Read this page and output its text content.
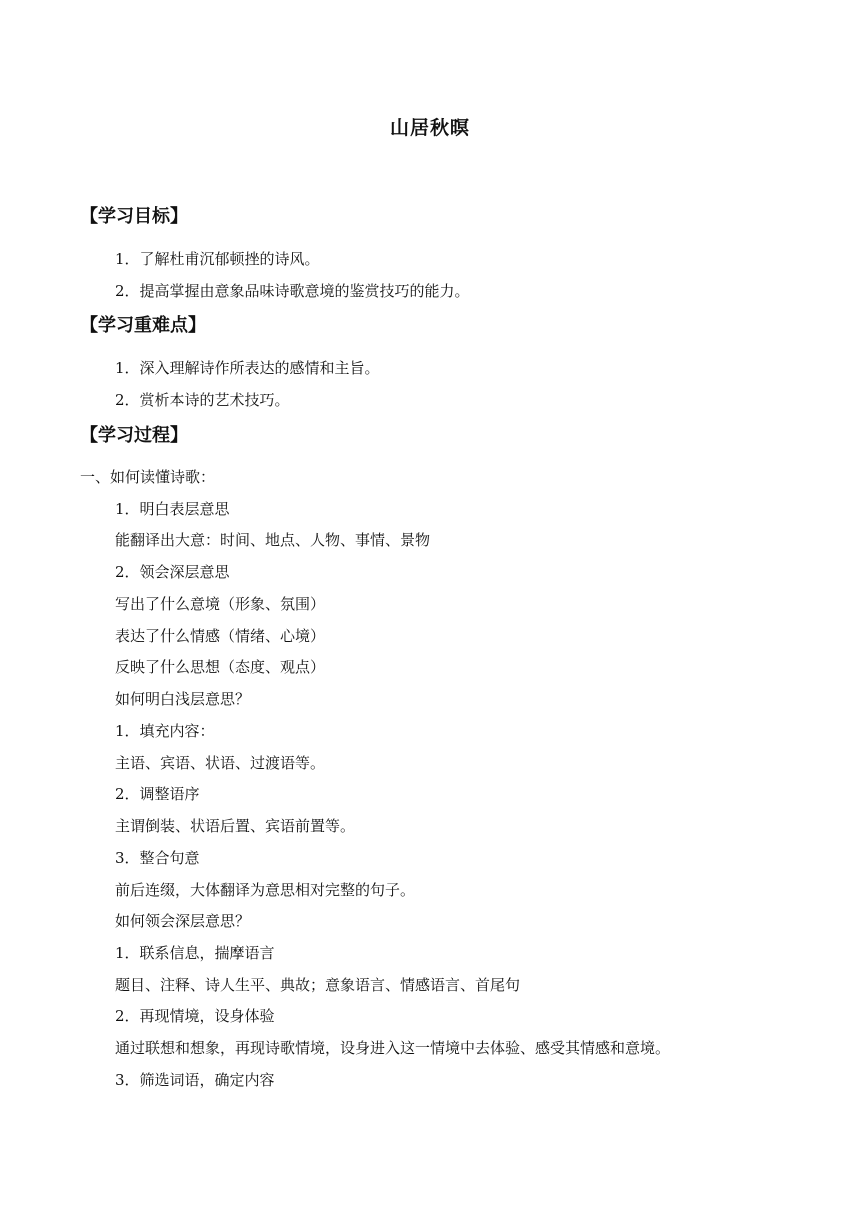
山居秋暝
【学习目标】
1．了解杜甫沉郁顿挫的诗风。
2．提高掌握由意象品味诗歌意境的鉴赏技巧的能力。
【学习重难点】
1．深入理解诗作所表达的感情和主旨。
2．赏析本诗的艺术技巧。
【学习过程】
一、如何读懂诗歌：
1．明白表层意思
能翻译出大意：时间、地点、人物、事情、景物
2．领会深层意思
写出了什么意境（形象、氛围）
表达了什么情感（情绪、心境）
反映了什么思想（态度、观点）
如何明白浅层意思？
1．填充内容：
主语、宾语、状语、过渡语等。
2．调整语序
主谓倒装、状语后置、宾语前置等。
3．整合句意
前后连缀，大体翻译为意思相对完整的句子。
如何领会深层意思？
1．联系信息，揣摩语言
题目、注释、诗人生平、典故；意象语言、情感语言、首尾句
2．再现情境，设身体验
通过联想和想象，再现诗歌情境，设身进入这一情境中去体验、感受其情感和意境。
3．筛选词语，确定内容
